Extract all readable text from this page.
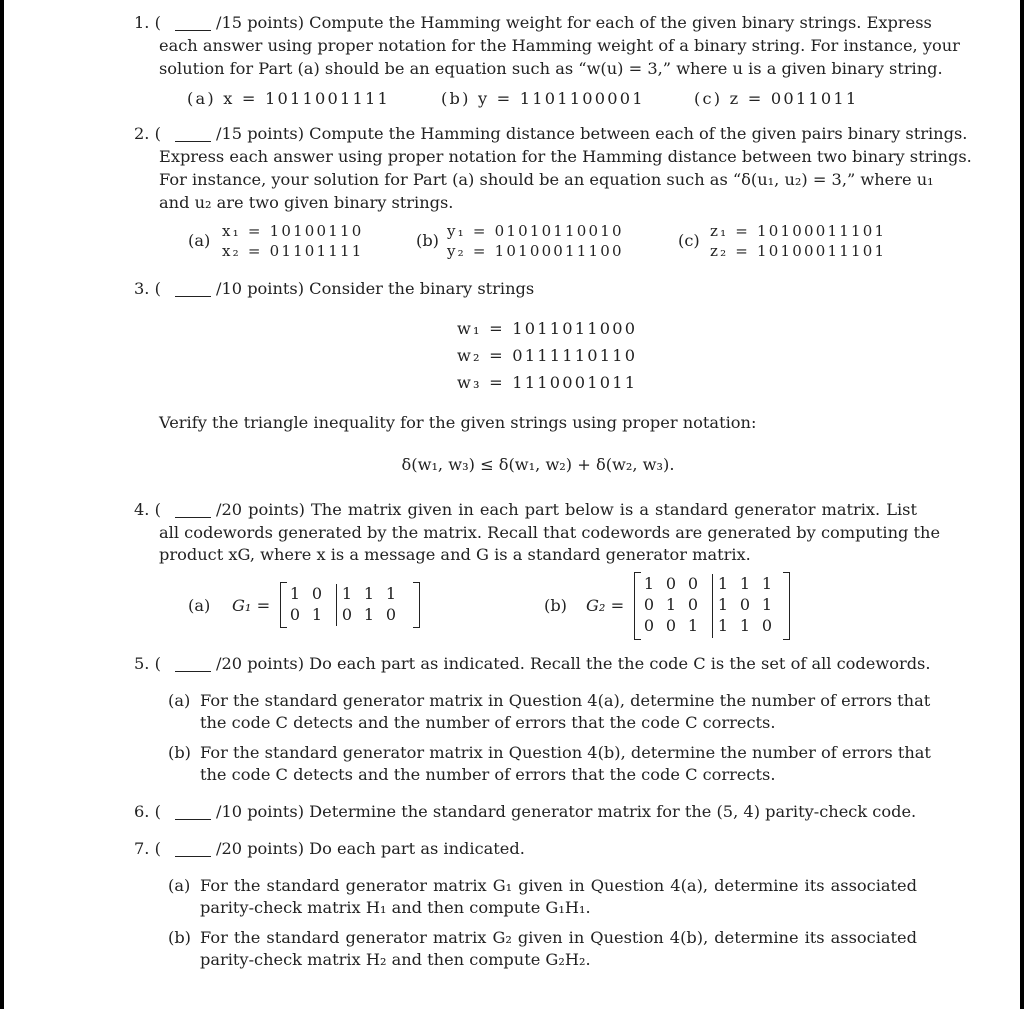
1. (	/15 points) Compute the Hamming weight for each of the given binary strings. Express
each answer using proper notation for the Hamming weight of a binary string. For instance, your
solution for Part (a) should be an equation such as “w(u) = 3,” where u is a given binary string.
(a) x = 1011001111	(b) y = 1101100001	(c) z = 0011011
2. (	/15 points) Compute the Hamming distance between each of the given pairs binary strings.
Express each answer using proper notation for the Hamming distance between two binary strings.
For instance, your solution for Part (a) should be an equation such as “δ(u₁, u₂) = 3,” where u₁
and u₂ are two given binary strings.
(a) x₁ = 10100110
x₂ = 01101111
(b) y₁ = 01010110010
y₂ = 10100011100
(c) z₁ = 10100011101
z₂ = 10100011101
3. (	/10 points) Consider the binary strings
w₁ = 1011011000
w₂ = 0111110110
w₃ = 1110001011
Verify the triangle inequality for the given strings using proper notation:
δ(w₁, w₃) ≤ δ(w₁, w₂) + δ(w₂, w₃).
4. (	/20 points) The matrix given in each part below is a standard generator matrix. List
all codewords generated by the matrix. Recall that codewords are generated by computing the
product xG, where x is a message and G is a standard generator matrix.
(a) G₁ =
1 0 1 1 1
0 1 0 1 0	(b) G₂ =
1 0 0 1 1 1
0 1 0 1 0 1
0 0 1 1 1 0
5. (	/20 points) Do each part as indicated. Recall the the code C is the set of all codewords.
(a) For the standard generator matrix in Question 4(a), determine the number of errors that
the code C detects and the number of errors that the code C corrects.
(b) For the standard generator matrix in Question 4(b), determine the number of errors that
the code C detects and the number of errors that the code C corrects.
6. (	/10 points) Determine the standard generator matrix for the (5, 4) parity-check code.
7. (	/20 points) Do each part as indicated.
(a) For the standard generator matrix G₁ given in Question 4(a), determine its associated
parity-check matrix H₁ and then compute G₁H₁.
(b) For the standard generator matrix G₂ given in Question 4(b), determine its associated
parity-check matrix H₂ and then compute G₂H₂.
